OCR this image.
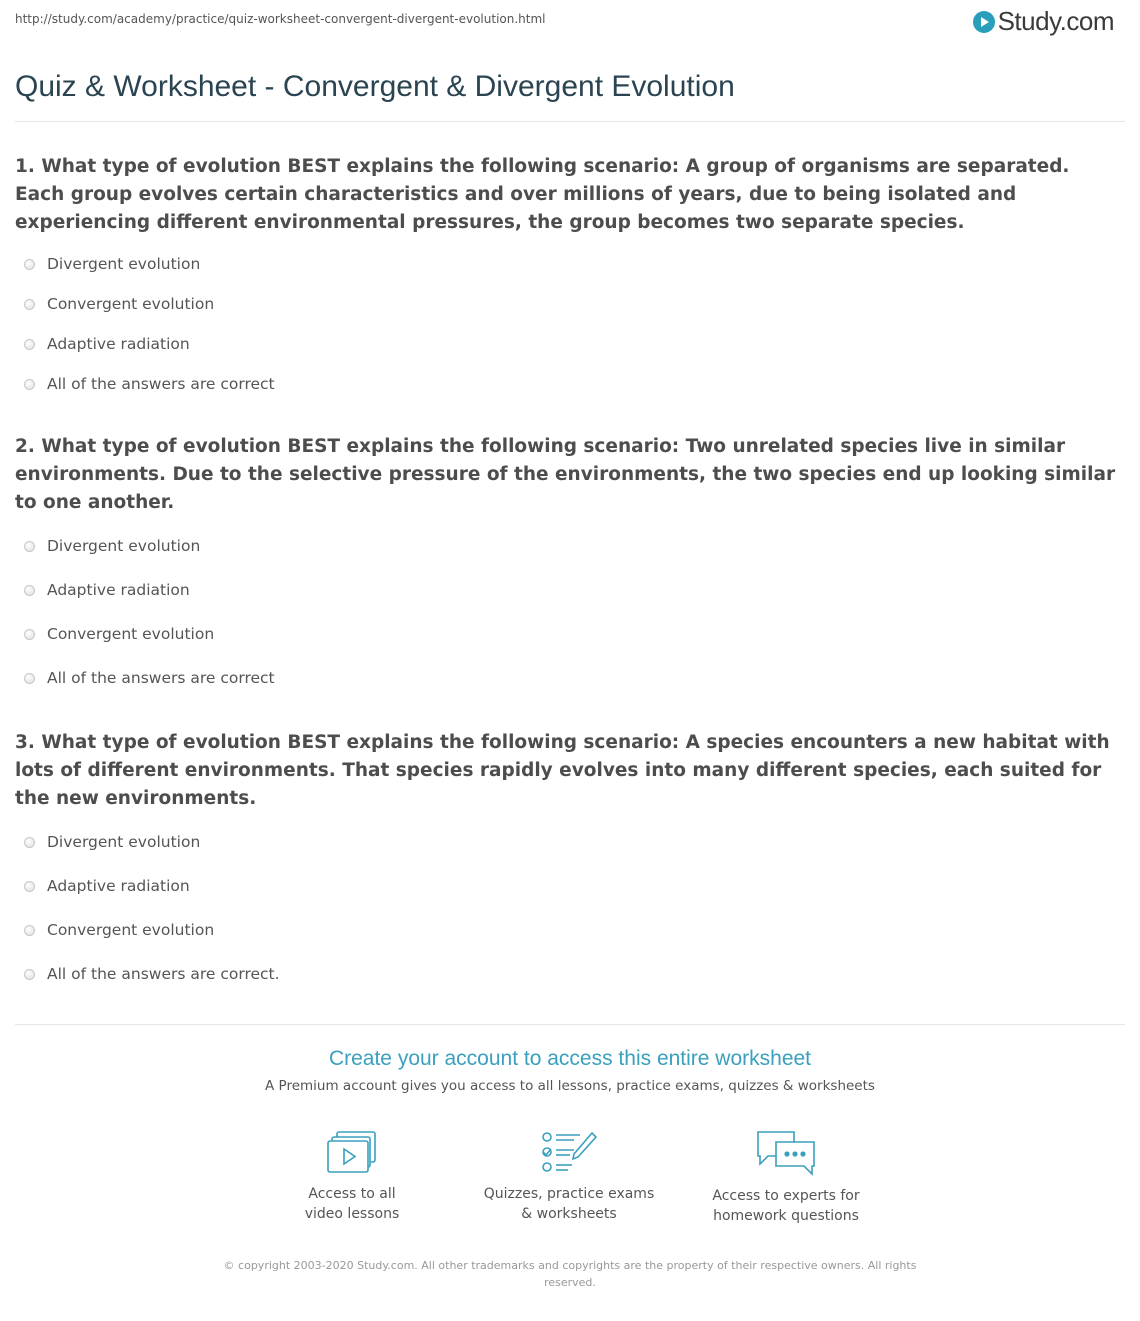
http://study.com/academy/practice/quiz-worksheet-convergent-divergent-evolution.html	Study.com
Quiz & Worksheet - Convergent & Divergent Evolution
1. What type of evolution BEST explains the following scenario: A group of organisms are separated. Each group evolves certain characteristics and over millions of years, due to being isolated and experiencing different environmental pressures, the group becomes two separate species.
Divergent evolution
Convergent evolution
Adaptive radiation
All of the answers are correct
2. What type of evolution BEST explains the following scenario: Two unrelated species live in similar environments. Due to the selective pressure of the environments, the two species end up looking similar to one another.
Divergent evolution
Adaptive radiation
Convergent evolution
All of the answers are correct
3. What type of evolution BEST explains the following scenario: A species encounters a new habitat with lots of different environments. That species rapidly evolves into many different species, each suited for the new environments.
Divergent evolution
Adaptive radiation
Convergent evolution
All of the answers are correct.
Create your account to access this entire worksheet
A Premium account gives you access to all lessons, practice exams, quizzes & worksheets
Access to all
video lessons
Quizzes, practice exams
& worksheets
Access to experts for
homework questions
© copyright 2003-2020 Study.com. All other trademarks and copyrights are the property of their respective owners. All rights
reserved.
